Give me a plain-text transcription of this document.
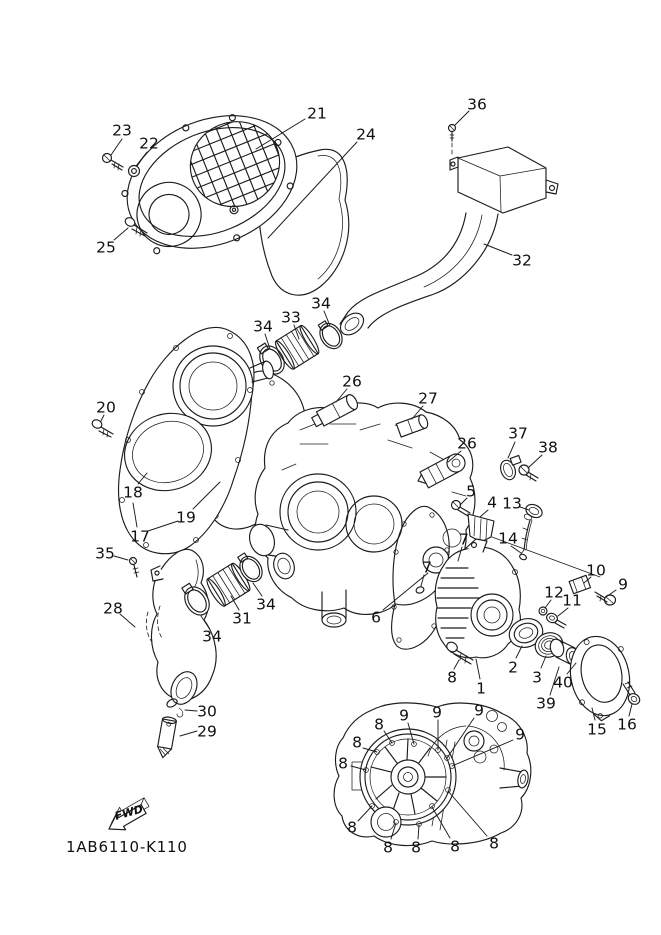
FWD
1AB6110-K110
23
22
21
24
25
36
32
34 33
34
20
26
27
26
37
38
18
19
17
5
4 13
7 14
7
35
28
34
31
34
10
9
12
11
6
30
29
8
1
2
3 40
39
15 16
8 9 9 9
8	9
8
8
8 8 8 8
